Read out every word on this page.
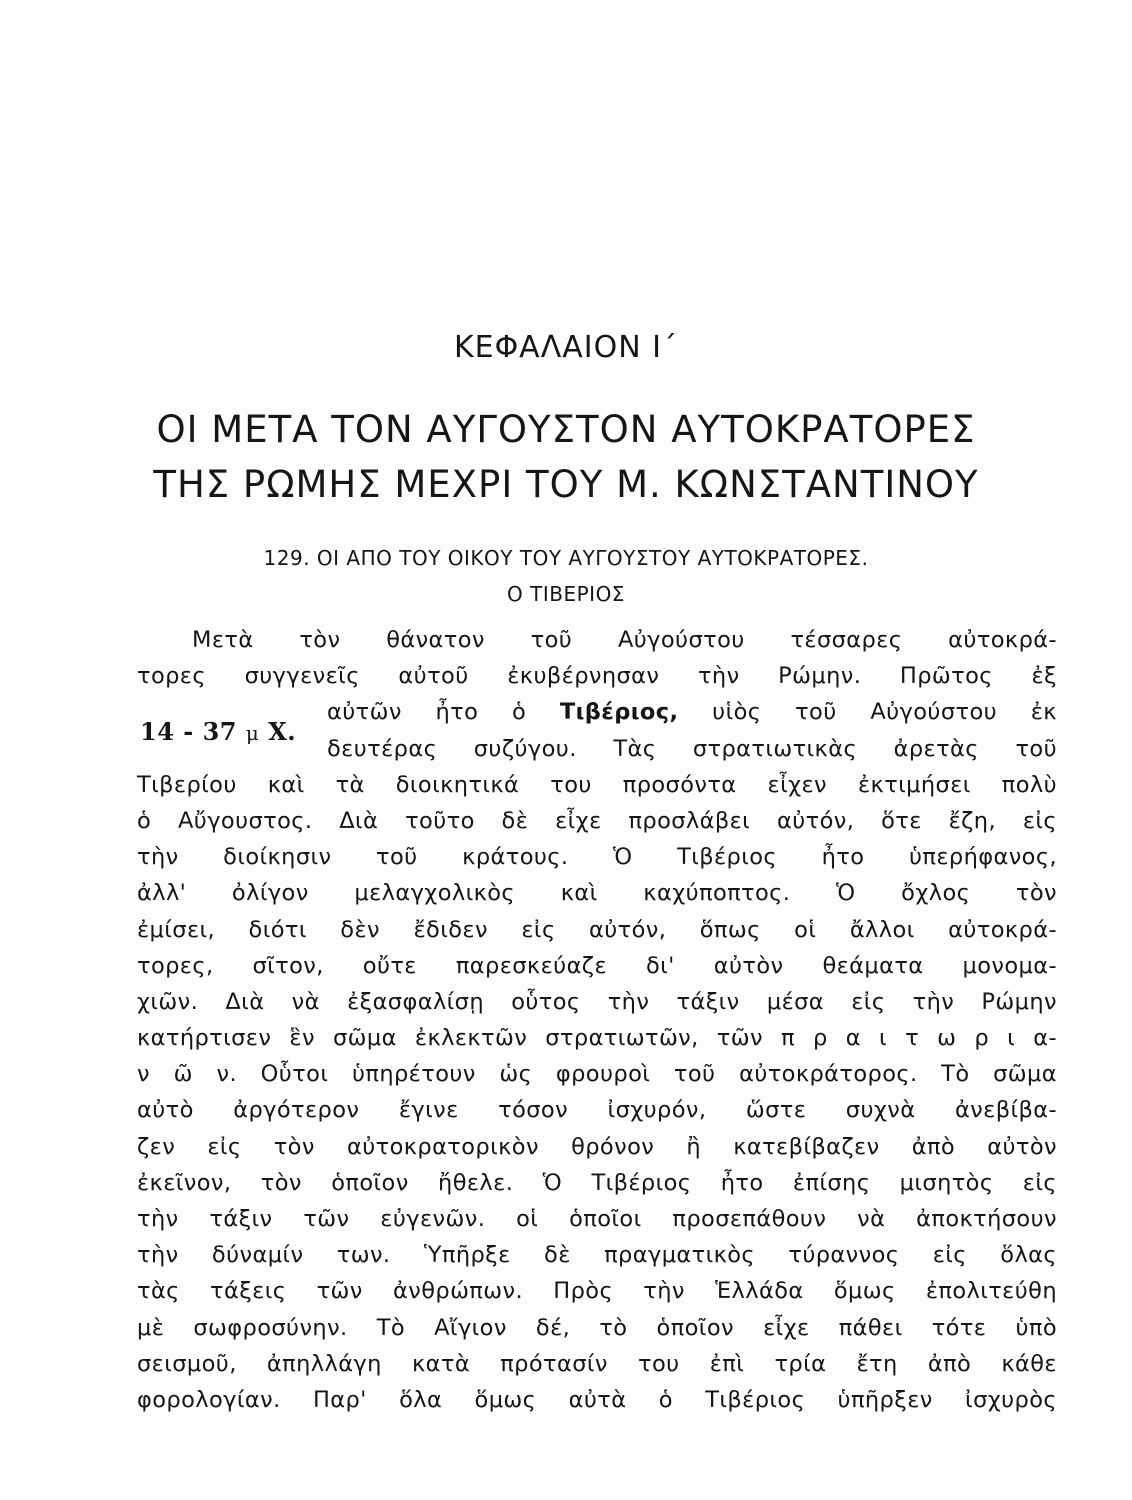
ΚΕΦΑΛΑΙΟΝ Ι΄
ΟΙ ΜΕΤΑ ΤΟΝ ΑΥΓΟΥΣΤΟΝ ΑΥΤΟΚΡΑΤΟΡΕΣ
ΤΗΣ ΡΩΜΗΣ ΜΕΧΡΙ ΤΟΥ Μ. ΚΩΝΣΤΑΝΤΙΝΟΥ
129. ΟΙ ΑΠΟ ΤΟΥ ΟΙΚΟΥ ΤΟΥ ΑΥΓΟΥΣΤΟΥ ΑΥΤΟΚΡΑΤΟΡΕΣ.
Ο ΤΙΒΕΡΙΟΣ
14 - 37 μ Χ.
Μετὰ τὸν θάνατον τοῦ Αὐγούστου τέσσαρες αὐτοκρά-
τορες συγγενεῖς αὐτοῦ ἐκυβέρνησαν τὴν Ρώμην. Πρῶτος ἐξ
αὐτῶν ἦτο ὁ Τιβέριος, υἱὸς τοῦ Αὐγούστου ἐκ
δευτέρας συζύγου. Τὰς στρατιωτικὰς ἀρετὰς τοῦ
Τιβερίου καὶ τὰ διοικητικά του προσόντα εἶχεν ἐκτιμήσει πολὺ
ὁ Αὔγουστος. Διὰ τοῦτο δὲ εἶχε προσλάβει αὐτόν, ὅτε ἔζη, εἰς
τὴν διοίκησιν τοῦ κράτους. Ὁ Τιβέριος ἦτο ὑπερήφανος,
ἀλλ' ὀλίγον μελαγχολικὸς καὶ καχύποπτος. Ὁ ὄχλος τὸν
ἐμίσει, διότι δὲν ἔδιδεν εἰς αὐτόν, ὅπως οἱ ἄλλοι αὐτοκρά-
τορες, σῖτον, οὔτε παρεσκεύαζε δι' αὐτὸν θεάματα μονομα-
χιῶν. Διὰ νὰ ἐξασφαλίσῃ οὗτος τὴν τάξιν μέσα εἰς τὴν Ρώμην
κατήρτισεν ἓν σῶμα ἐκλεκτῶν στρατιωτῶν, τῶν π ρ α ι τ ω ρ ι α-
ν ῶ ν. Οὗτοι ὑπηρέτουν ὡς φρουροὶ τοῦ αὐτοκράτορος. Τὸ σῶμα
αὐτὸ ἀργότερον ἔγινε τόσον ἰσχυρόν, ὥστε συχνὰ ἀνεβίβα-
ζεν εἰς τὸν αὐτοκρατορικὸν θρόνον ἢ κατεβίβαζεν ἀπὸ αὐτὸν
ἐκεῖνον, τὸν ὁποῖον ἤθελε. Ὁ Τιβέριος ἦτο ἐπίσης μισητὸς εἰς
τὴν τάξιν τῶν εὐγενῶν. οἱ ὁποῖοι προσεπάθουν νὰ ἀποκτήσουν
τὴν δύναμίν των. Ὑπῆρξε δὲ πραγματικὸς τύραννος εἰς ὅλας
τὰς τάξεις τῶν ἀνθρώπων. Πρὸς τὴν Ἑλλάδα ὅμως ἐπολιτεύθη
μὲ σωφροσύνην. Τὸ Αἴγιον δέ, τὸ ὁποῖον εἶχε πάθει τότε ὑπὸ
σεισμοῦ, ἀπηλλάγη κατὰ πρότασίν του ἐπὶ τρία ἔτη ἀπὸ κάθε
φορολογίαν. Παρ' ὅλα ὅμως αὐτὰ ὁ Τιβέριος ὑπῆρξεν ἰσχυρὸς
